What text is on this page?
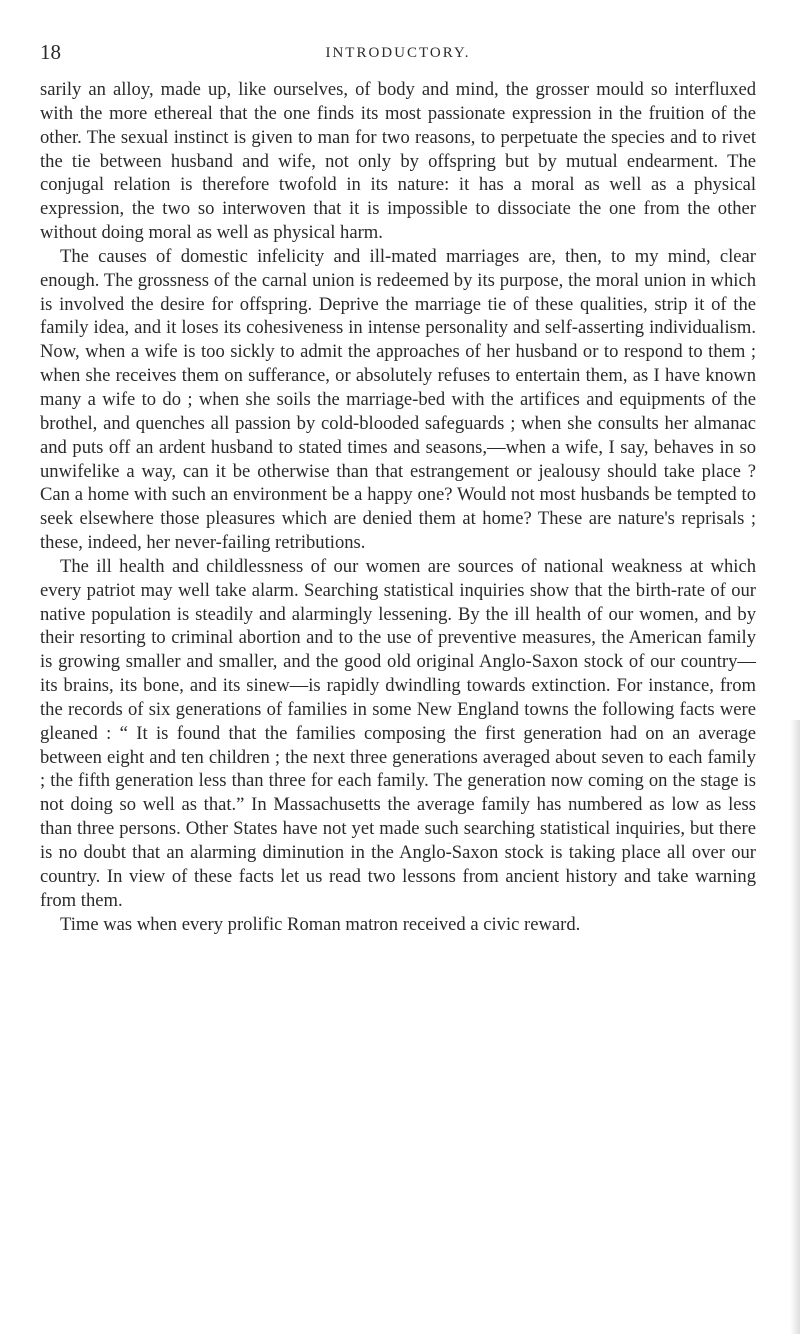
18	INTRODUCTORY.

sarily an alloy, made up, like ourselves, of body and mind, the grosser mould so interfluxed with the more ethereal that the one finds its most passionate expression in the fruition of the other. The sexual instinct is given to man for two reasons, to perpetuate the species and to rivet the tie between husband and wife, not only by offspring but by mutual endearment. The conjugal relation is therefore twofold in its nature: it has a moral as well as a physical expression, the two so interwoven that it is impossible to dissociate the one from the other without doing moral as well as physical harm.

The causes of domestic infelicity and ill-mated marriages are, then, to my mind, clear enough. The grossness of the carnal union is redeemed by its purpose, the moral union in which is involved the desire for offspring. Deprive the marriage tie of these qualities, strip it of the family idea, and it loses its cohesiveness in intense personality and self-asserting individualism. Now, when a wife is too sickly to admit the approaches of her husband or to respond to them ; when she receives them on sufferance, or absolutely refuses to entertain them, as I have known many a wife to do ; when she soils the marriage-bed with the artifices and equipments of the brothel, and quenches all passion by cold-blooded safeguards ; when she consults her almanac and puts off an ardent husband to stated times and seasons,—when a wife, I say, behaves in so unwifelike a way, can it be otherwise than that estrangement or jealousy should take place ? Can a home with such an environment be a happy one? Would not most husbands be tempted to seek elsewhere those pleasures which are denied them at home? These are nature's reprisals ; these, indeed, her never-failing retributions.

The ill health and childlessness of our women are sources of national weakness at which every patriot may well take alarm. Searching statistical inquiries show that the birth-rate of our native population is steadily and alarmingly lessening. By the ill health of our women, and by their resorting to criminal abortion and to the use of preventive measures, the American family is growing smaller and smaller, and the good old original Anglo-Saxon stock of our country—its brains, its bone, and its sinew—is rapidly dwindling towards extinction. For instance, from the records of six generations of families in some New England towns the following facts were gleaned : “ It is found that the families composing the first generation had on an average between eight and ten children ; the next three generations averaged about seven to each family ; the fifth generation less than three for each family. The generation now coming on the stage is not doing so well as that.” In Massachusetts the average family has numbered as low as less than three persons. Other States have not yet made such searching statistical inquiries, but there is no doubt that an alarming diminution in the Anglo-Saxon stock is taking place all over our country. In view of these facts let us read two lessons from ancient history and take warning from them.

Time was when every prolific Roman matron received a civic reward.
